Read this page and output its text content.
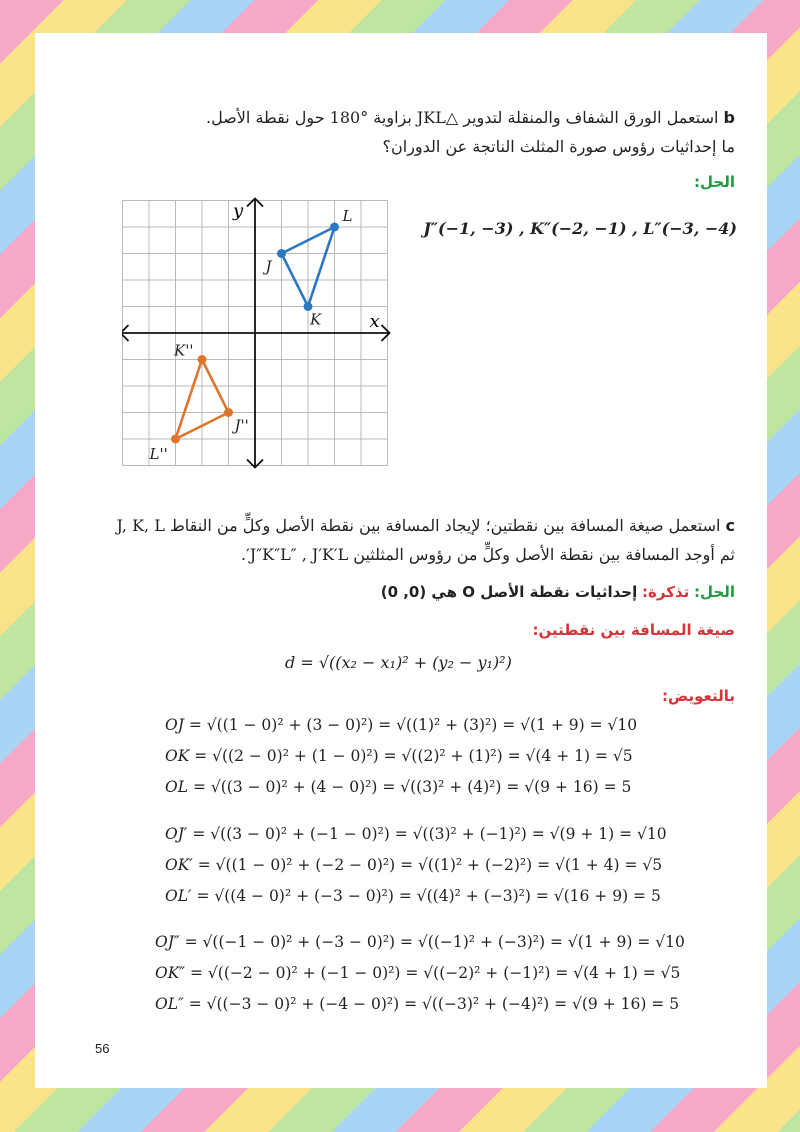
b استعمل الورق الشفاف والمنقلة لتدوير △JKL بزاوية °180 حول نقطة الأصل.
ما إحداثيات رؤوس صورة المثلث الناتجة عن الدوران؟
الحل:
J″(−1, −3) , K″(−2, −1) , L″(−3, −4)
x
y
J
K
L
J''
K''
L''
c استعمل صيغة المسافة بين نقطتين؛ لإيجاد المسافة بين نقطة الأصل وكلٍّ من النقاط J, K, L
ثم أوجد المسافة بين نقطة الأصل وكلٍّ من رؤوس المثلثين J″K″L″ , J′K′L′.
الحل: تذكرة: إحداثيات نقطة الأصل O هي (0, 0)
صيغة المسافة بين نقطتين:
d = √((x₂ − x₁)² + (y₂ − y₁)²)
بالتعويض:
OJ = √((1 − 0)² + (3 − 0)²) = √((1)² + (3)²) = √(1 + 9) = √10
OK = √((2 − 0)² + (1 − 0)²) = √((2)² + (1)²) = √(4 + 1) = √5
OL = √((3 − 0)² + (4 − 0)²) = √((3)² + (4)²) = √(9 + 16) = 5
OJ′ = √((3 − 0)² + (−1 − 0)²) = √((3)² + (−1)²) = √(9 + 1) = √10
OK′ = √((1 − 0)² + (−2 − 0)²) = √((1)² + (−2)²) = √(1 + 4) = √5
OL′ = √((4 − 0)² + (−3 − 0)²) = √((4)² + (−3)²) = √(16 + 9) = 5
OJ″ = √((−1 − 0)² + (−3 − 0)²) = √((−1)² + (−3)²) = √(1 + 9) = √10
OK″ = √((−2 − 0)² + (−1 − 0)²) = √((−2)² + (−1)²) = √(4 + 1) = √5
OL″ = √((−3 − 0)² + (−4 − 0)²) = √((−3)² + (−4)²) = √(9 + 16) = 5
56
